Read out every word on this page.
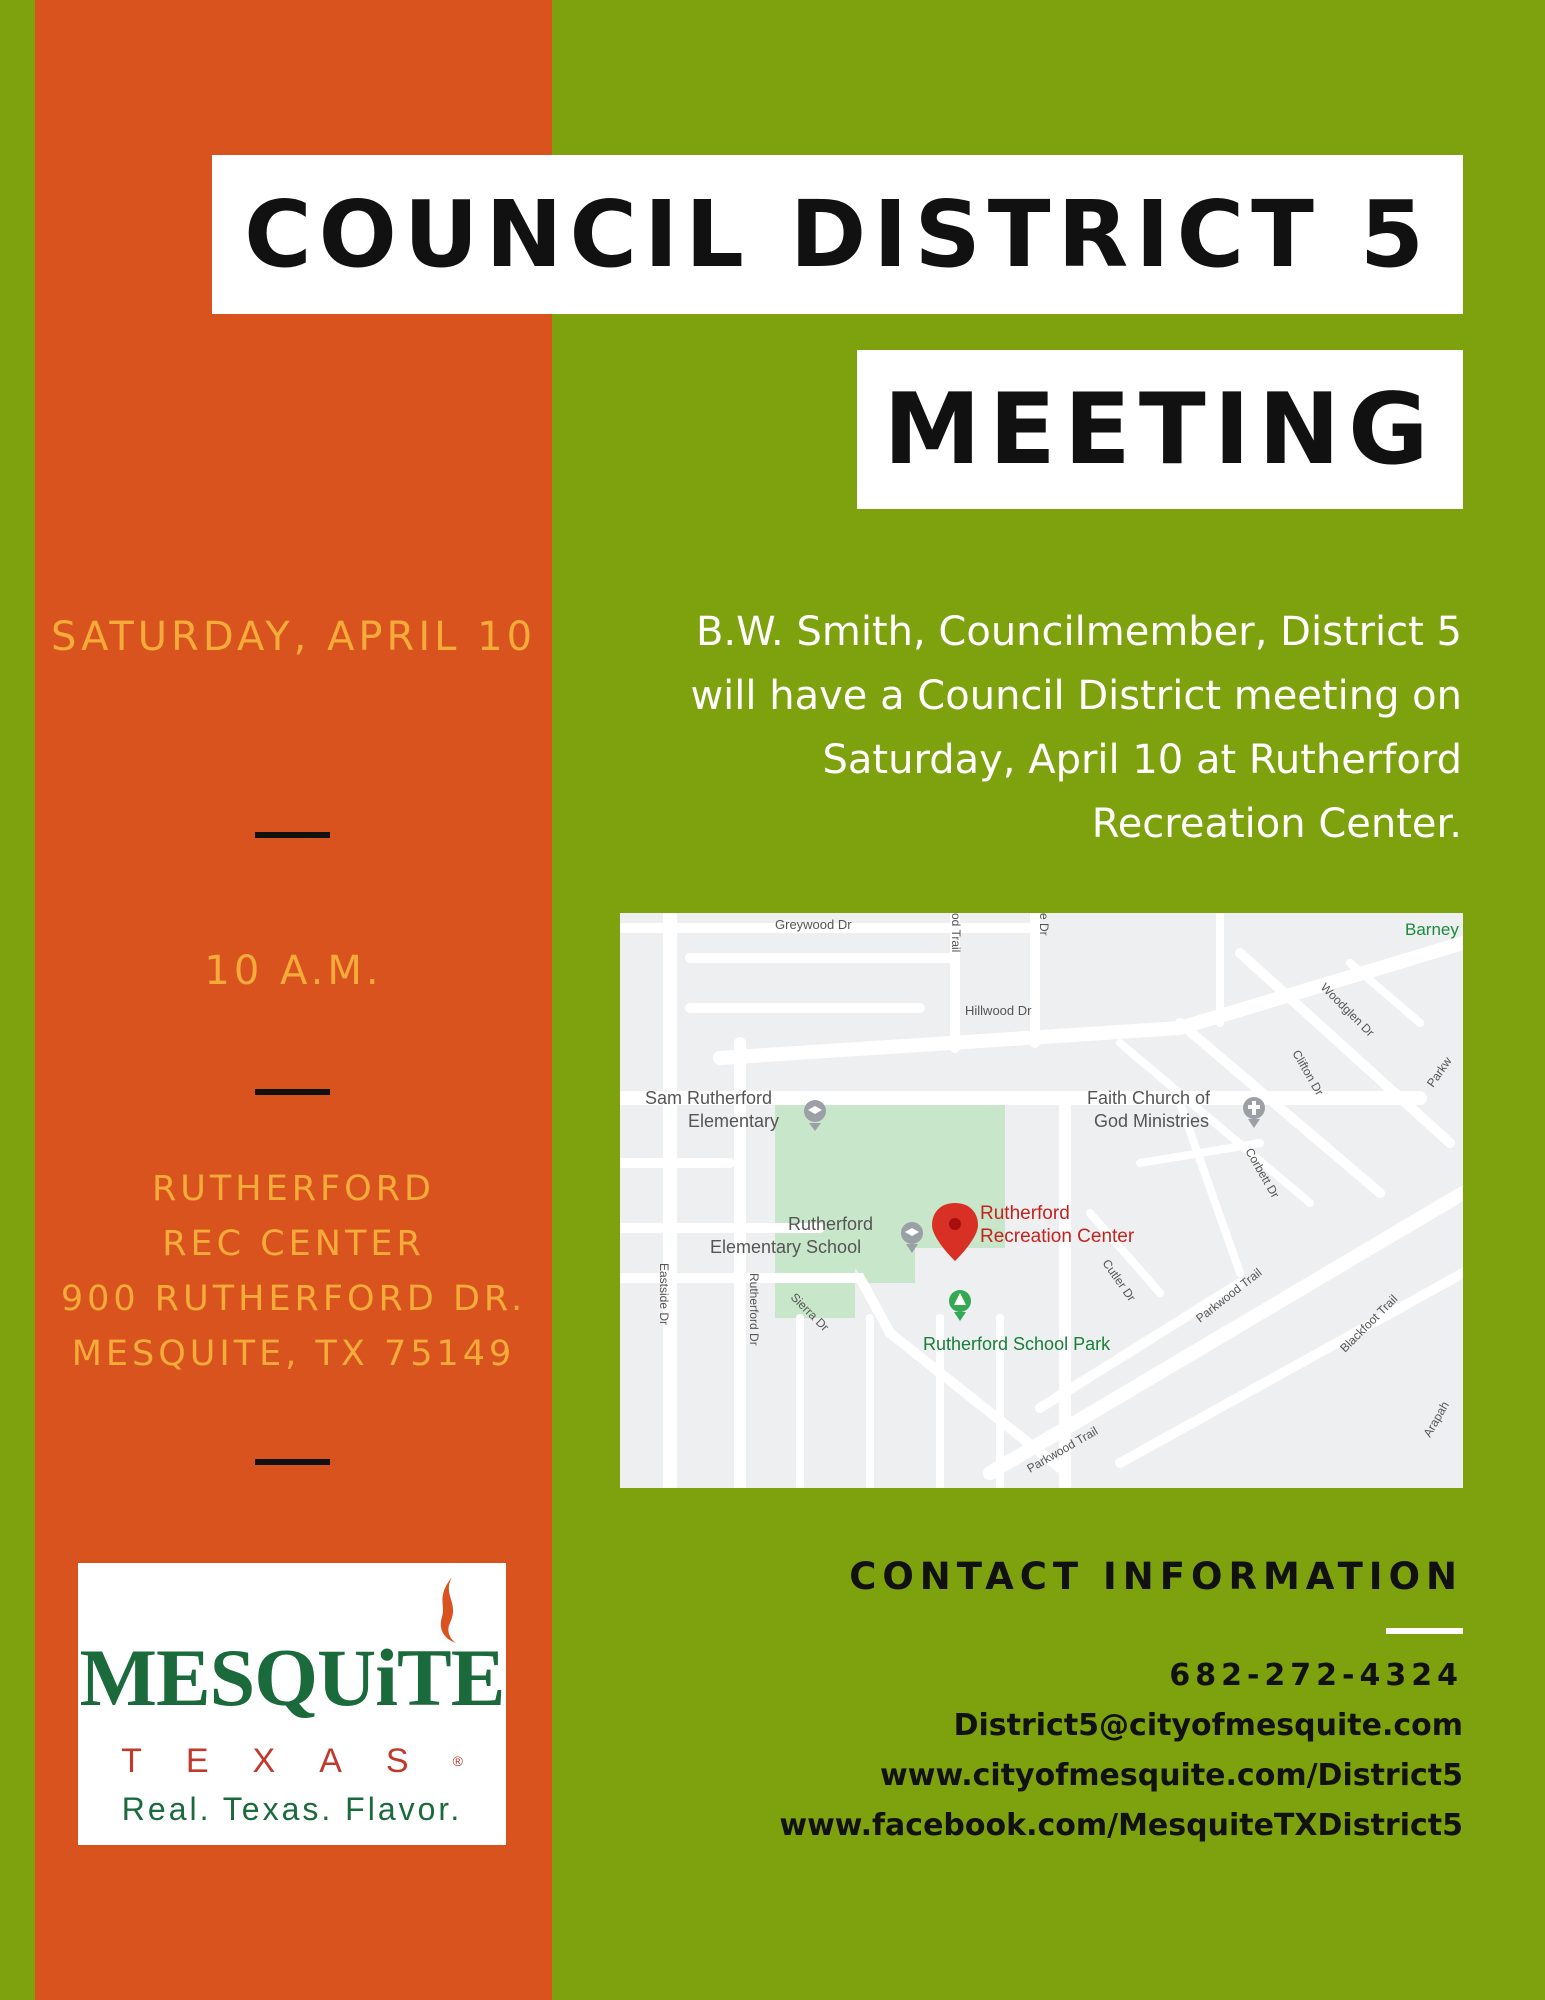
COUNCIL DISTRICT 5
MEETING
SATURDAY, APRIL 10
10 A.M.
RUTHERFORD
REC CENTER
900 RUTHERFORD DR.
MESQUITE, TX 75149
B.W. Smith, Councilmember, District 5 will have a Council District meeting on Saturday, April 10 at Rutherford Recreation Center.
Greywood Dr
Hillwood Dr
od Trail	e Dr
Woodglen Dr
Clifton Dr
Corbett Dr
Cutler Dr	Parkwood Trail
Parkwood Trail
Blackfoot Trail
Eastside Dr	Rutherford Dr Sierra Dr
Barney
Parkw
Arapah
Sam Rutherford
Elementary
Faith Church of
God Ministries
Rutherford
Recreation Center
Rutherford
Elementary School
Rutherford School Park
MESQUiTE
TEXAS®
Real. Texas. Flavor.
CONTACT INFORMATION
682-272-4324
District5@cityofmesquite.com
www.cityofmesquite.com/District5
www.facebook.com/MesquiteTXDistrict5
